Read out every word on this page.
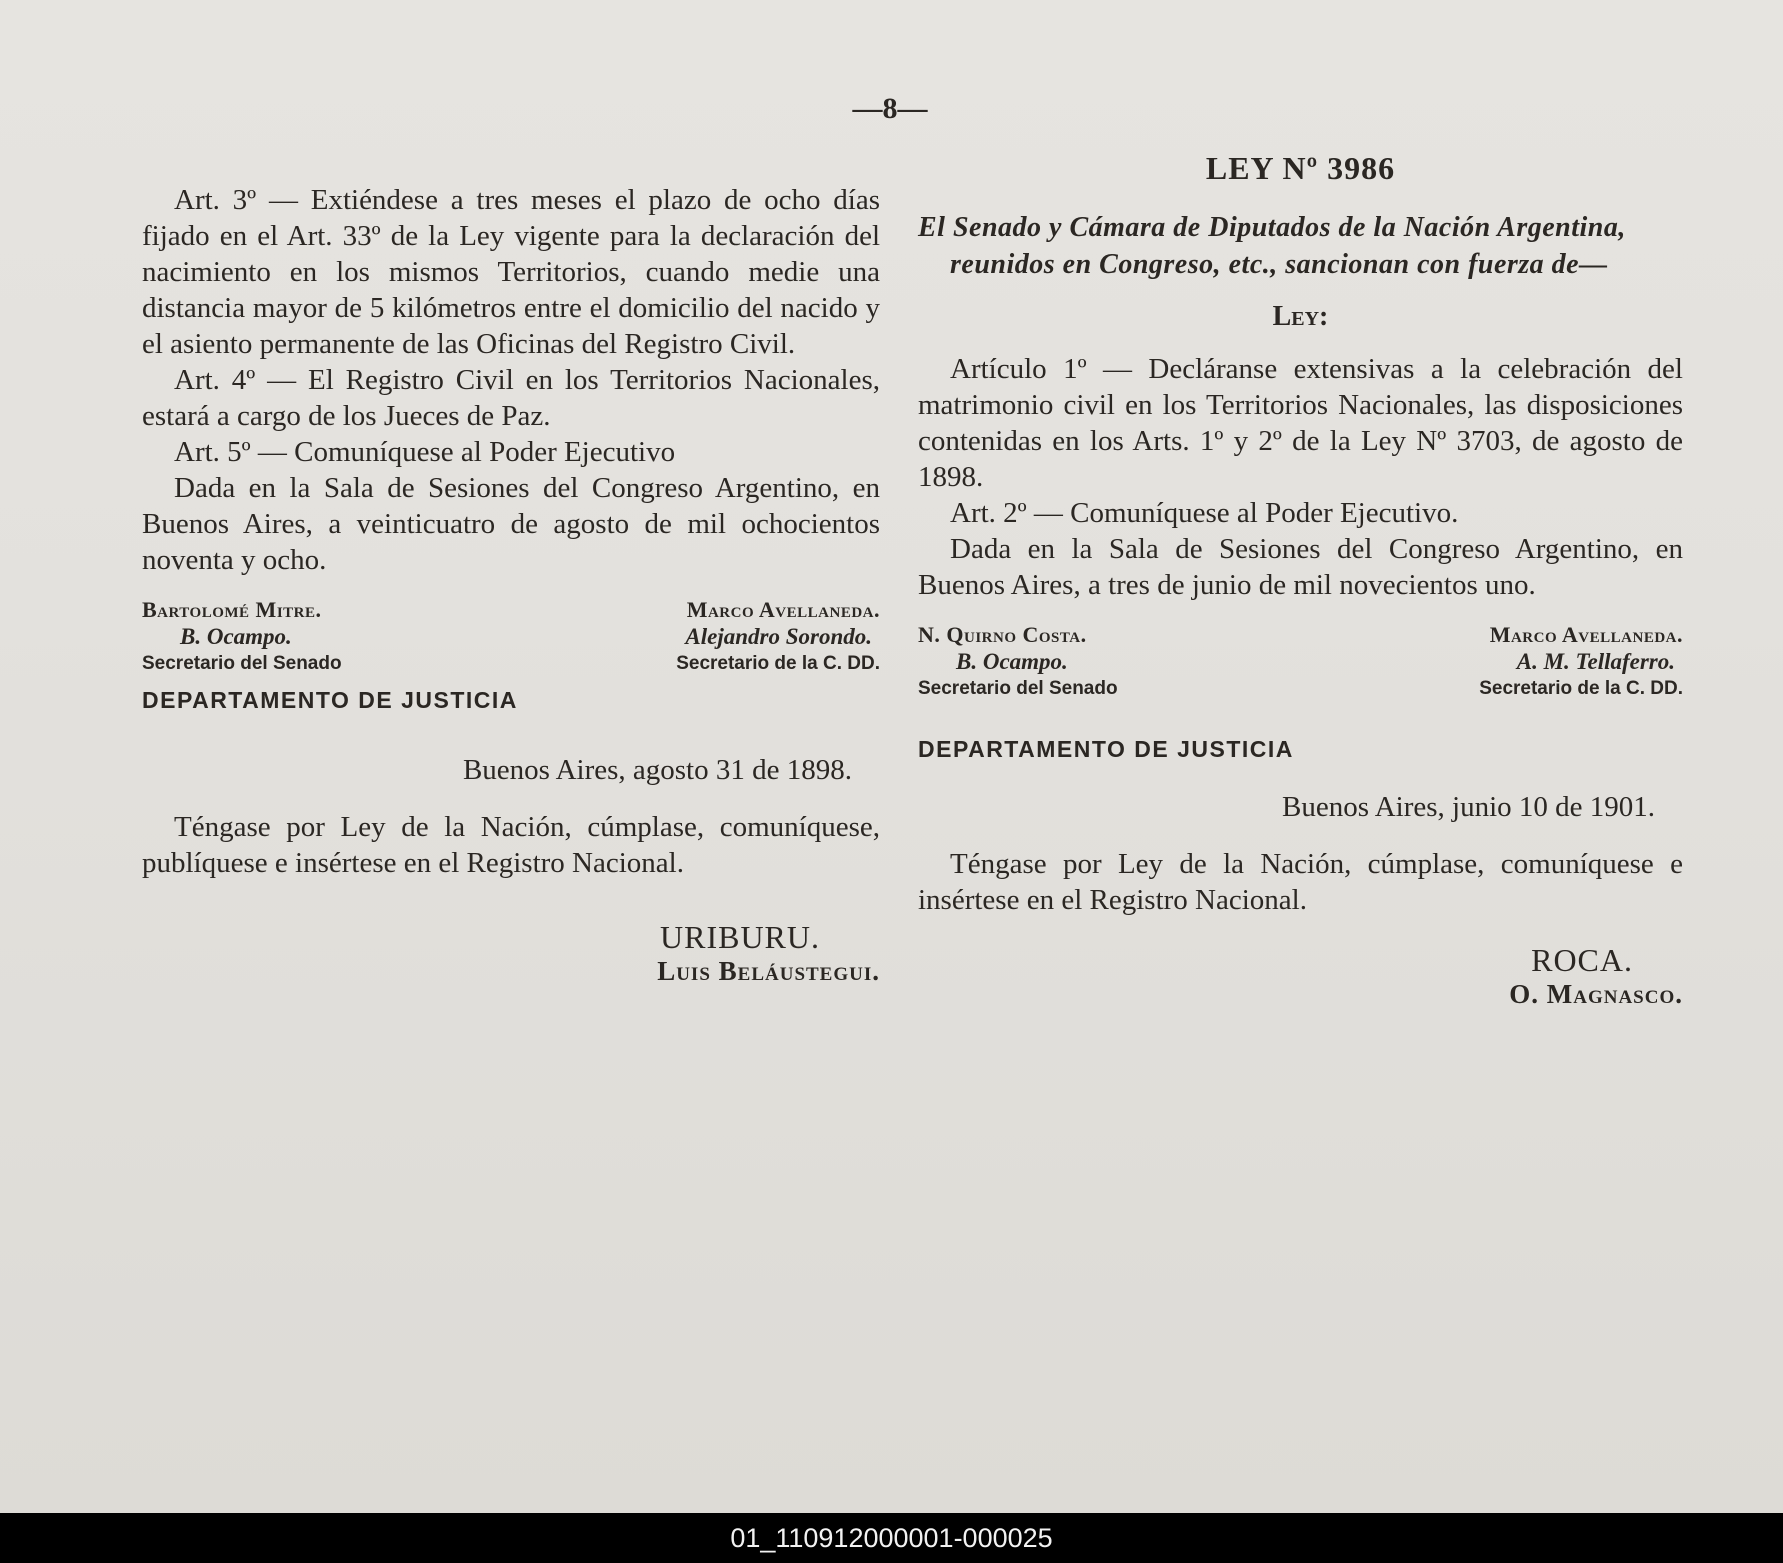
—8—

Art. 3º — Extiéndese a tres meses el plazo de ocho días fijado en el Art. 33º de la Ley vigente para la declaración del nacimiento en los mismos Territorios, cuando medie una distancia mayor de 5 kilómetros entre el domicilio del nacido y el asiento permanente de las Oficinas del Registro Civil.

Art. 4º — El Registro Civil en los Territorios Nacionales, estará a cargo de los Jueces de Paz.

Art. 5º — Comuníquese al Poder Ejecutivo

Dada en la Sala de Sesiones del Congreso Argentino, en Buenos Aires, a veinticuatro de agosto de mil ochocientos noventa y ocho.

Bartolomé Mitre.
B. Ocampo.
Secretario del Senado
Marco Avellaneda.
Alejandro Sorondo.
Secretario de la C. DD.

DEPARTAMENTO DE JUSTICIA

Buenos Aires, agosto 31 de 1898.

Téngase por Ley de la Nación, cúmplase, comuníquese, publíquese e insértese en el Registro Nacional.

URIBURU.
Luis Beláustegui.

LEY Nº 3986

El Senado y Cámara de Diputados de la Nación Argentina, reunidos en Congreso, etc., sancionan con fuerza de—

Ley:

Artículo 1º — Decláranse extensivas a la celebración del matrimonio civil en los Territorios Nacionales, las disposiciones contenidas en los Arts. 1º y 2º de la Ley Nº 3703, de agosto de 1898.

Art. 2º — Comuníquese al Poder Ejecutivo.

Dada en la Sala de Sesiones del Congreso Argentino, en Buenos Aires, a tres de junio de mil novecientos uno.

N. Quirno Costa.
B. Ocampo.
Secretario del Senado
Marco Avellaneda.
A. M. Tellaferro.
Secretario de la C. DD.

DEPARTAMENTO DE JUSTICIA

Buenos Aires, junio 10 de 1901.

Téngase por Ley de la Nación, cúmplase, comuníquese e insértese en el Registro Nacional.

ROCA.
O. Magnasco.
01_110912000001-000025
